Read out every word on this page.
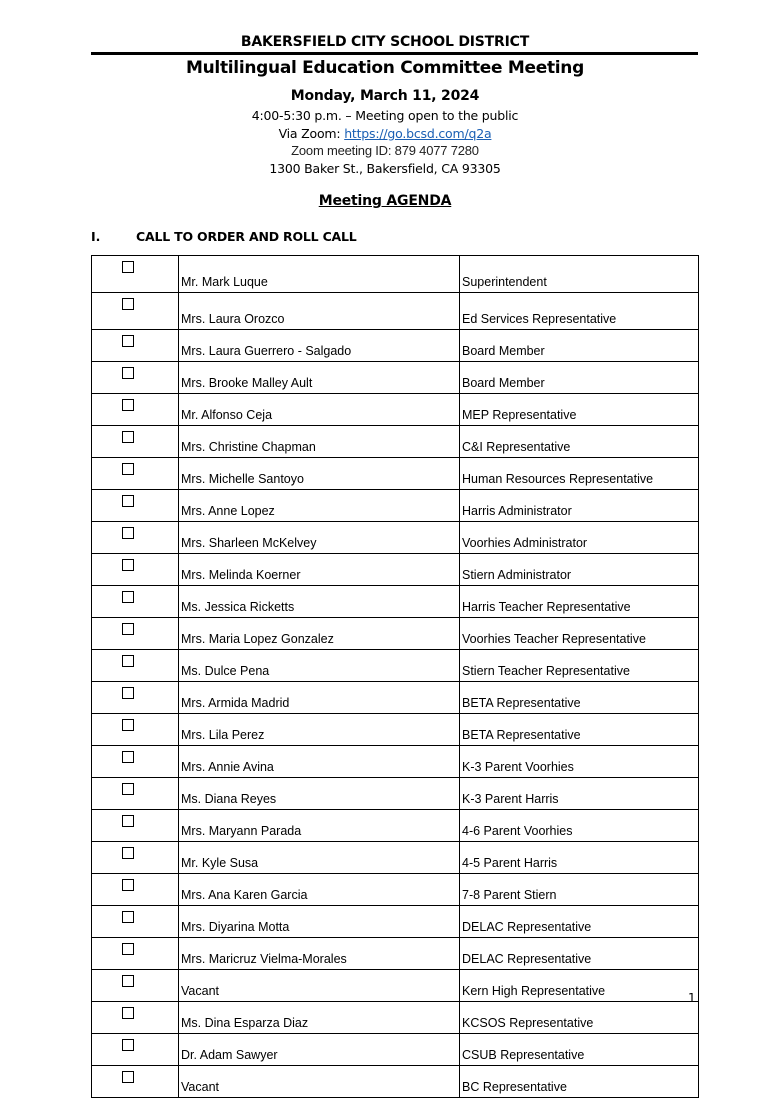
BAKERSFIELD CITY SCHOOL DISTRICT
Multilingual Education Committee Meeting
Monday, March 11, 2024
4:00-5:30 p.m. – Meeting open to the public
Via Zoom: https://go.bcsd.com/q2a
Zoom meeting ID: 879 4077 7280
1300 Baker St., Bakersfield, CA 93305
Meeting AGENDA
I.	CALL TO ORDER AND ROLL CALL
	Mr. Mark Luque	Superintendent
	Mrs. Laura Orozco	Ed Services Representative
	Mrs. Laura Guerrero - Salgado	Board Member
	Mrs. Brooke Malley Ault	Board Member
	Mr. Alfonso Ceja	MEP Representative
	Mrs. Christine Chapman	C&I Representative
	Mrs. Michelle Santoyo	Human Resources Representative
	Mrs. Anne Lopez	Harris Administrator
	Mrs. Sharleen McKelvey	Voorhies Administrator
	Mrs. Melinda Koerner	Stiern Administrator
	Ms. Jessica Ricketts	Harris Teacher Representative
	Mrs. Maria Lopez Gonzalez	Voorhies Teacher Representative
	Ms. Dulce Pena	Stiern Teacher Representative
	Mrs. Armida Madrid	BETA Representative
	Mrs. Lila Perez	BETA Representative
	Mrs. Annie Avina	K-3 Parent Voorhies
	Ms. Diana Reyes	K-3 Parent Harris
	Mrs. Maryann Parada	4-6 Parent Voorhies
	Mr. Kyle Susa	4-5 Parent Harris
	Mrs. Ana Karen Garcia	7-8 Parent Stiern
	Mrs. Diyarina Motta	DELAC Representative
	Mrs. Maricruz Vielma-Morales	DELAC Representative
	Vacant	Kern High Representative
	Ms. Dina Esparza Diaz	KCSOS Representative
	Dr. Adam Sawyer	CSUB Representative
	Vacant	BC Representative
1
